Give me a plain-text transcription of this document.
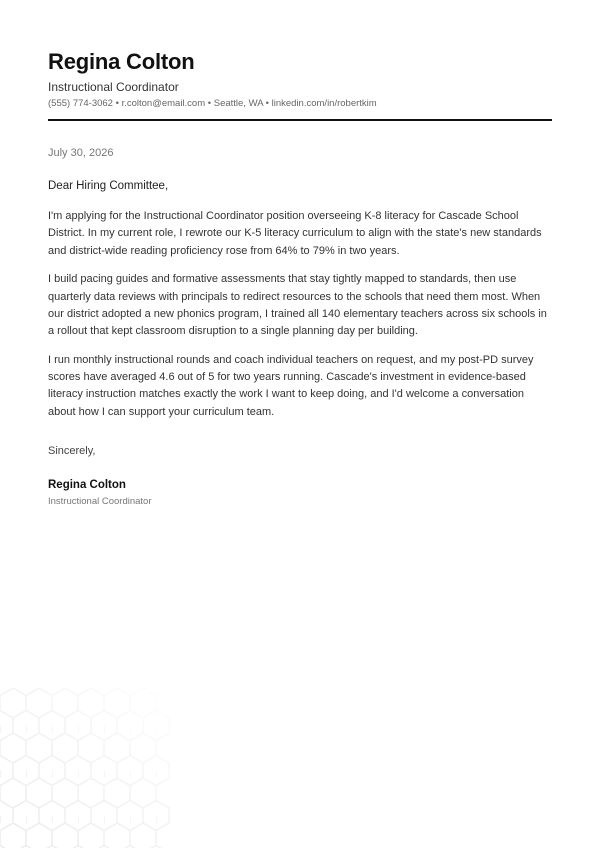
Regina Colton
Instructional Coordinator
(555) 774-3062 • r.colton@email.com • Seattle, WA • linkedin.com/in/robertkim
July 30, 2026
Dear Hiring Committee,

I'm applying for the Instructional Coordinator position overseeing K-8 literacy for Cascade School District. In my current role, I rewrote our K-5 literacy curriculum to align with the state's new standards and district-wide reading proficiency rose from 64% to 79% in two years.

I build pacing guides and formative assessments that stay tightly mapped to standards, then use quarterly data reviews with principals to redirect resources to the schools that need them most. When our district adopted a new phonics program, I trained all 140 elementary teachers across six schools in a rollout that kept classroom disruption to a single planning day per building.

I run monthly instructional rounds and coach individual teachers on request, and my post-PD survey scores have averaged 4.6 out of 5 for two years running. Cascade's investment in evidence-based literacy instruction matches exactly the work I want to keep doing, and I'd welcome a conversation about how I can support your curriculum team.

Sincerely,
Regina Colton
Instructional Coordinator
